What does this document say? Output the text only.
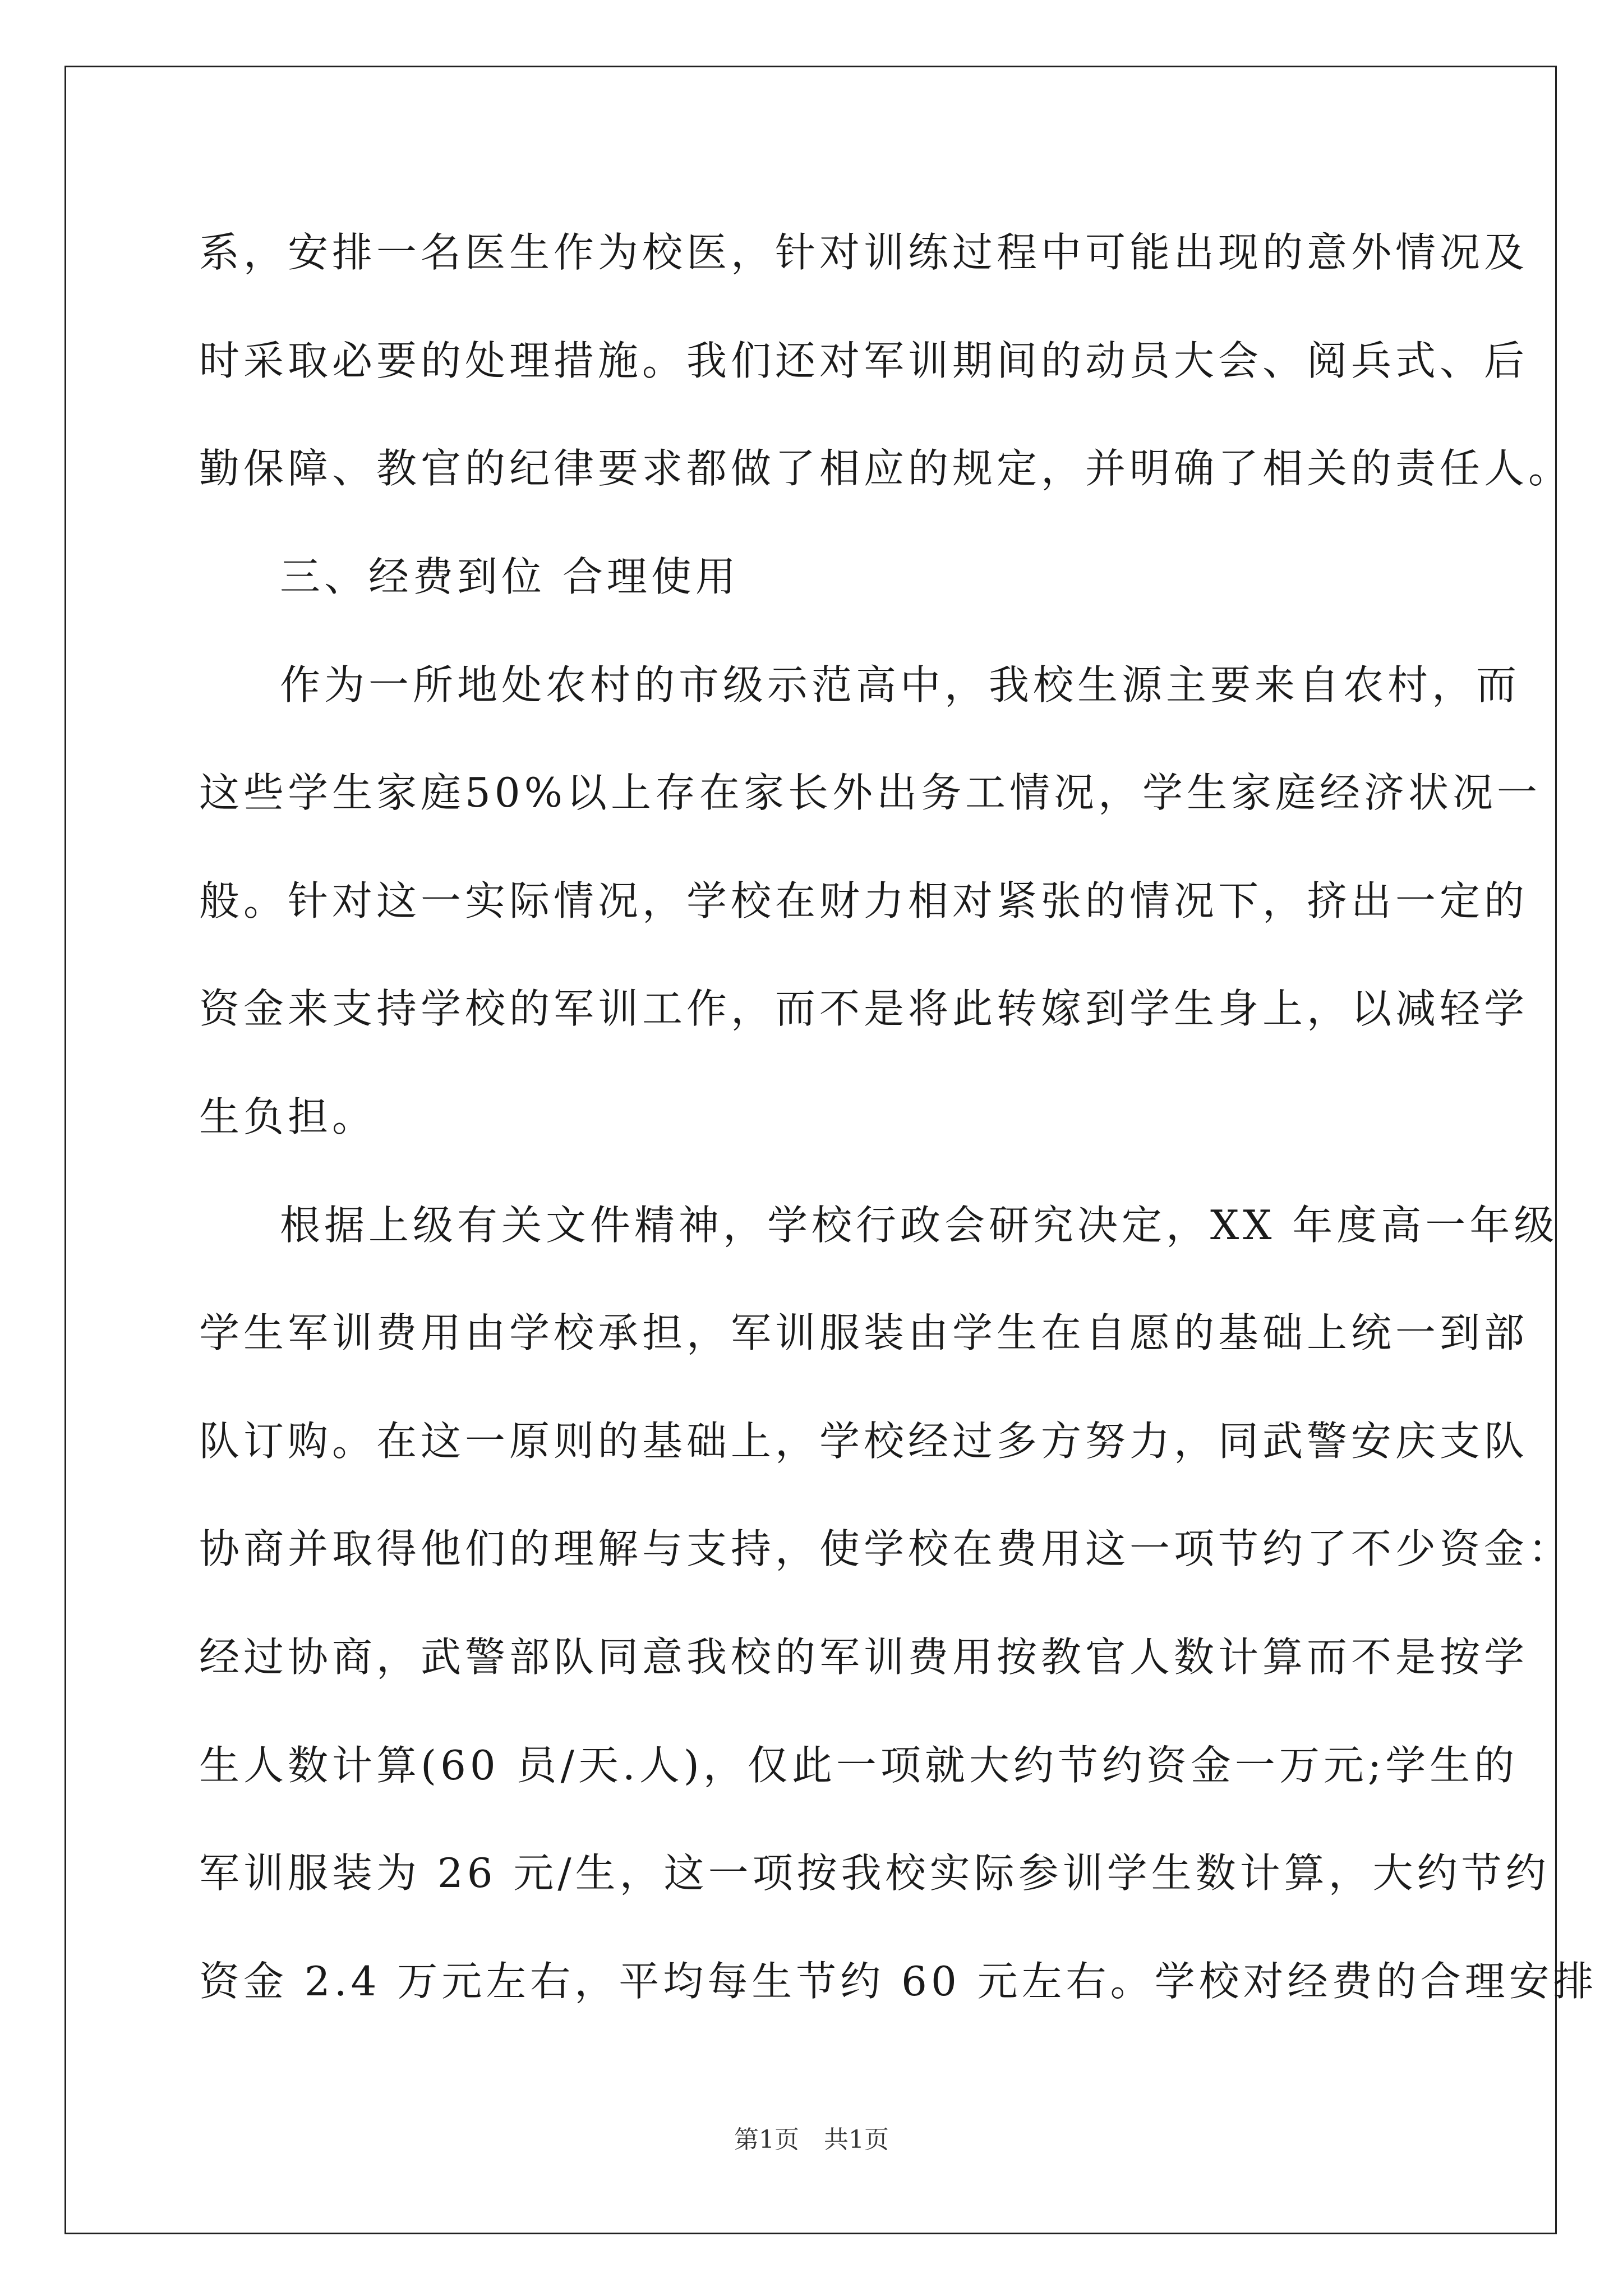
系，安排一名医生作为校医，针对训练过程中可能出现的意外情况及
时采取必要的处理措施。我们还对军训期间的动员大会、阅兵式、后
勤保障、教官的纪律要求都做了相应的规定，并明确了相关的责任人。
三、经费到位 合理使用
作为一所地处农村的市级示范高中，我校生源主要来自农村，而
这些学生家庭50%以上存在家长外出务工情况，学生家庭经济状况一
般。针对这一实际情况，学校在财力相对紧张的情况下，挤出一定的
资金来支持学校的军训工作，而不是将此转嫁到学生身上，以减轻学
生负担。
根据上级有关文件精神，学校行政会研究决定，XX 年度高一年级
学生军训费用由学校承担，军训服装由学生在自愿的基础上统一到部
队订购。在这一原则的基础上，学校经过多方努力，同武警安庆支队
协商并取得他们的理解与支持，使学校在费用这一项节约了不少资金：
经过协商，武警部队同意我校的军训费用按教官人数计算而不是按学
生人数计算(60 员/天.人)，仅此一项就大约节约资金一万元;学生的
军训服装为 26 元/生，这一项按我校实际参训学生数计算，大约节约
资金 2.4 万元左右，平均每生节约 60 元左右。学校对经费的合理安排
第1页　共1页
